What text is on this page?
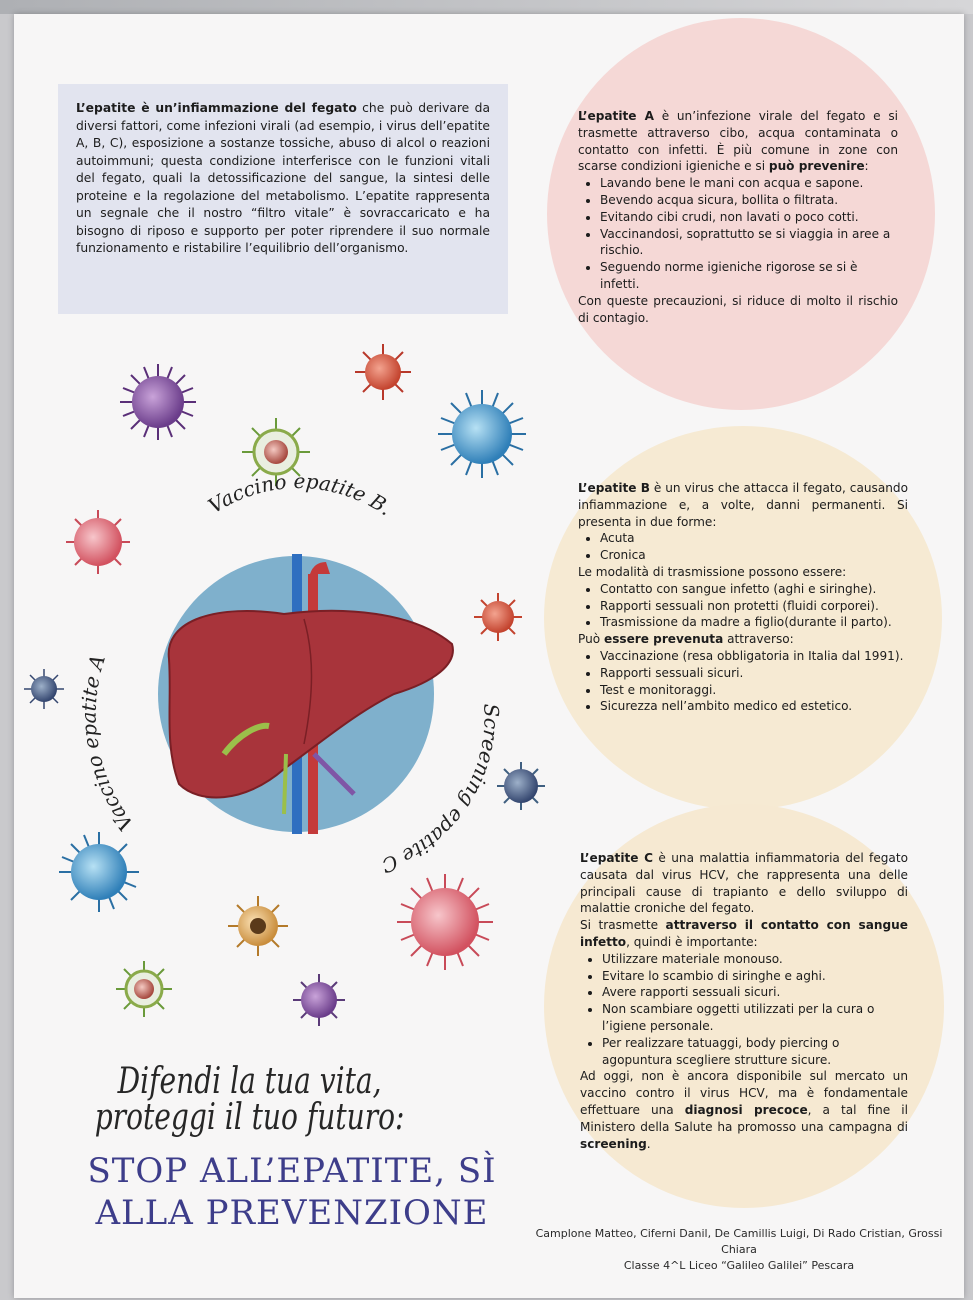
L’epatite è un’infiammazione del fegato che può derivare da diversi fattori, come infezioni virali (ad esempio, i virus dell’epatite A, B, C), esposizione a sostanze tossiche, abuso di alcol o reazioni autoimmuni; questa condizione interferisce con le funzioni vitali del fegato, quali la detossificazione del sangue, la sintesi delle proteine e la regolazione del metabolismo. L’epatite rappresenta un segnale che il nostro “filtro vitale” è sovraccaricato e ha bisogno di riposo e supporto per poter riprendere il suo normale funzionamento e ristabilire l’equilibrio dell’organismo.

L’epatite A è un’infezione virale del fegato e si trasmette attraverso cibo, acqua contaminata o contatto con infetti. È più comune in zone con scarse condizioni igieniche e si può prevenire:

• Lavando bene le mani con acqua e sapone.
• Bevendo acqua sicura, bollita o filtrata.
• Evitando cibi crudi, non lavati o poco cotti.
• Vaccinandosi, soprattutto se si viaggia in aree a rischio.
• Seguendo norme igieniche rigorose se si è infetti.

Con queste precauzioni, si riduce di molto il rischio di contagio.

L’epatite B è un virus che attacca il fegato, causando infiammazione e, a volte, danni permanenti. Si presenta in due forme:

• Acuta
• Cronica

Le modalità di trasmissione possono essere:

• Contatto con sangue infetto (aghi e siringhe).
• Rapporti sessuali non protetti (fluidi corporei).
• Trasmissione da madre a figlio(durante il parto).

Può essere prevenuta attraverso:

• Vaccinazione (resa obbligatoria in Italia dal 1991).
• Rapporti sessuali sicuri.
• Test e monitoraggi.
• Sicurezza nell’ambito medico ed estetico.

L’epatite C è una malattia infiammatoria del fegato causata dal virus HCV, che rappresenta una delle principali cause di trapianto e dello sviluppo di malattie croniche del fegato.

Si trasmette attraverso il contatto con sangue infetto, quindi è importante:

• Utilizzare materiale monouso.
• Evitare lo scambio di siringhe e aghi.
• Avere rapporti sessuali sicuri.
• Non scambiare oggetti utilizzati per la cura o l’igiene personale.
• Per realizzare tatuaggi, body piercing o agopuntura scegliere strutture sicure.

Ad oggi, non è ancora disponibile sul mercato un vaccino contro il virus HCV, ma è fondamentale effettuare una diagnosi precoce, a tal fine il Ministero della Salute ha promosso una campagna di screening.

Vaccino epatite B.
Vaccino epatite A
Screening epatite C
Difendi la tua vita,
proteggi il tuo futuro:
STOP ALL’EPATITE, SÌ
ALLA PREVENZIONE
Camplone Matteo, Ciferni Danil, De Camillis Luigi, Di Rado Cristian, Grossi Chiara
Classe 4^L Liceo “Galileo Galilei” Pescara
